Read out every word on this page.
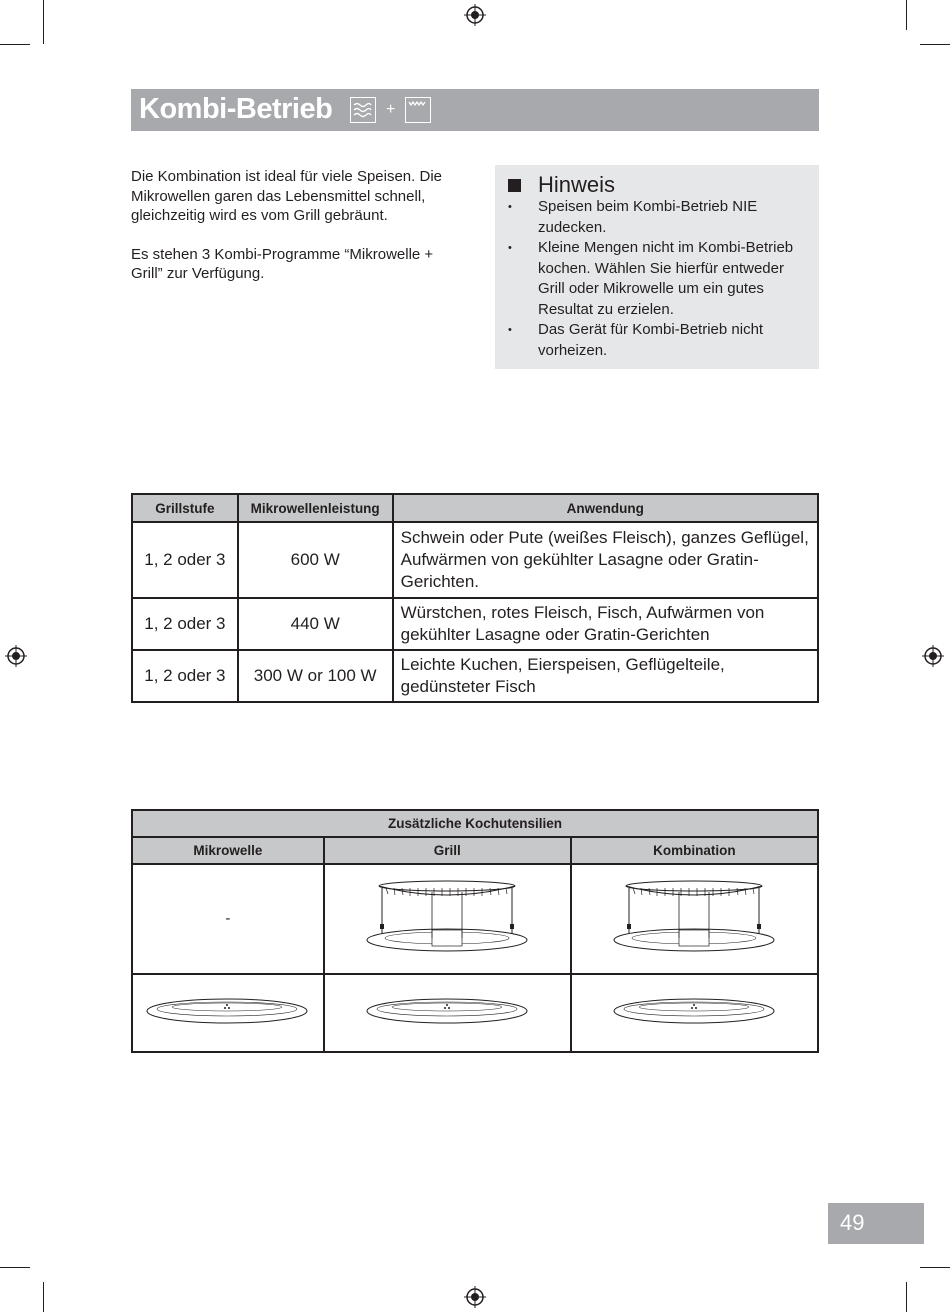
Kombi-Betrieb	+

Die Kombination ist ideal für viele Speisen. Die Mikrowellen garen das Lebensmittel schnell, gleichzeitig wird es vom Grill gebräunt.

Es stehen 3 Kombi-Programme “Mikrowelle + Grill” zur Verfügung.

Hinweis
• Speisen beim Kombi-Betrieb NIE zudecken.
• Kleine Mengen nicht im Kombi-Betrieb kochen. Wählen Sie hierfür entweder Grill oder Mikrowelle um ein gutes Resultat zu erzielen.
• Das Gerät für Kombi-Betrieb nicht vorheizen.
Grillstufe	Mikrowellenleistung	Anwendung
1, 2 oder 3	600 W	Schwein oder Pute (weißes Fleisch), ganzes Geflügel, Aufwärmen von gekühlter Lasagne oder Gratin-Gerichten.
1, 2 oder 3	440 W	Würstchen, rotes Fleisch, Fisch, Aufwärmen von gekühlter Lasagne oder Gratin-Gerichten
1, 2 oder 3	300 W or 100 W	Leichte Kuchen, Eierspeisen, Geflügelteile, gedünsteter Fisch
Zusätzliche Kochutensilien		
Mikrowelle	Grill	Kombination
-		

49
